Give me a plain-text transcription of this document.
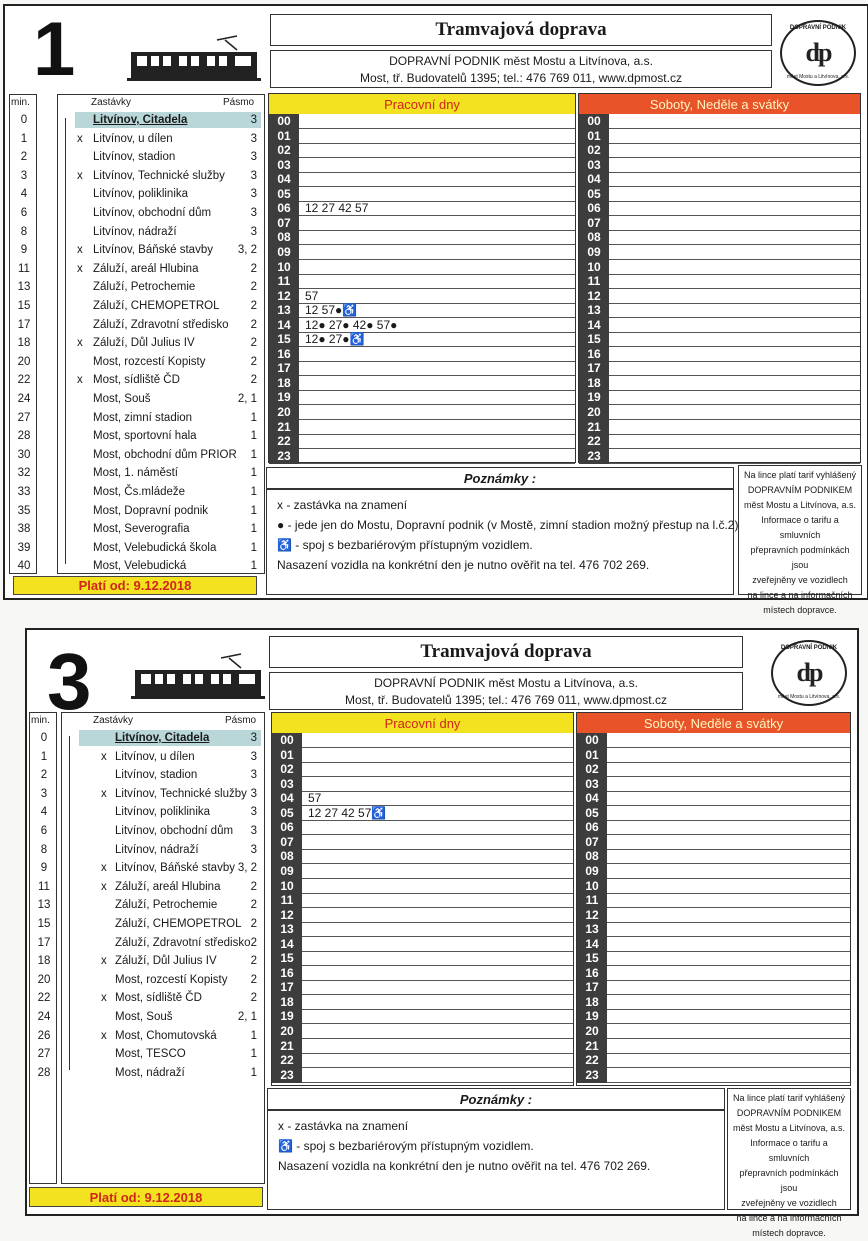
1	Tramvajová doprava
DOPRAVNÍ PODNIK měst Mostu a Litvínova, a.s.
Most, tř. Budovatelů 1395; tel.: 476 769 011, www.dpmost.cz
DOPRAVNÍ PODNIK
dp
měst Mostu a Litvínova, a.s.
min.	Zastávky	Pásmo
0	Litvínov, Citadela	3
1	x Litvínov, u dílen	3
2	Litvínov, stadion	3
3	x Litvínov, Technické služby	3
4	Litvínov, poliklinika	3
6	Litvínov, obchodní dům	3
8	Litvínov, nádraží	3
9	x Litvínov, Báňské stavby	3, 2
11	x Záluží, areál Hlubina	2
13	Záluží, Petrochemie	2
15	Záluží, CHEMOPETROL	2
17	Záluží, Zdravotní středisko	2
18	x Záluží, Důl Julius IV	2
20	Most, rozcestí Kopisty	2
22	x Most, sídliště ČD	2
24	Most, Souš	2, 1
27	Most, zimní stadion	1
28	Most, sportovní hala	1
30	Most, obchodní dům PRIOR	1
32	Most, 1. náměstí	1
33	Most, Čs.mládeže	1
35	Most, Dopravní podnik	1
38	Most, Severografia	1
39	Most, Velebudická škola	1
40	Most, Velebudická	1
Platí od: 9.12.2018
Pracovní dny
00
01
02
03
04
05
06	12 27 42 57
07
08
09
10
11
12	57
13	12 57●♿
14	12● 27● 42● 57●
15	12● 27●♿
16
17
18
19
20
21
22
23
Soboty, Neděle a svátky
00
01
02
03
04
05
06
07
08
09
10
11
12
13
14
15
16
17
18
19
20
21
22
23
Poznámky :
x - zastávka na znamení
● - jede jen do Mostu, Dopravní podnik (v Mostě, zimní stadion možný přestup na l.č.2)
♿ - spoj s bezbariérovým přístupným vozidlem.
Nasazení vozidla na konkrétní den je nutno ověřit na tel. 476 702 269.
Na lince platí tarif vyhlášený
DOPRAVNÍM PODNIKEM
měst Mostu a Litvínova, a.s.
Informace o tarifu a smluvních
přepravních podmínkách jsou
zveřejněny ve vozidlech
na lince a na informačních
místech dopravce.
3	Tramvajová doprava
DOPRAVNÍ PODNIK měst Mostu a Litvínova, a.s.
Most, tř. Budovatelů 1395; tel.: 476 769 011, www.dpmost.cz
DOPRAVNÍ PODNIK
dp
měst Mostu a Litvínova, a.s.
min.	Zastávky	Pásmo
0	Litvínov, Citadela	3
1	x Litvínov, u dílen	3
2	Litvínov, stadion	3
3	x Litvínov, Technické služby 3
4	Litvínov, poliklinika	3
6	Litvínov, obchodní dům	3
8	Litvínov, nádraží	3
9	x Litvínov, Báňské stavby 3, 2
11	x Záluží, areál Hlubina	2
13	Záluží, Petrochemie	2
15	Záluží, CHEMOPETROL 2
17	Záluží, Zdravotní středisko 2
18	x Záluží, Důl Julius IV	2
20	Most, rozcestí Kopisty	2
22	x Most, sídliště ČD	2
24	Most, Souš	2, 1
26	x Most, Chomutovská	1
27	Most, TESCO	1
28	Most, nádraží	1
Platí od: 9.12.2018
Pracovní dny
00
01
02
03
04	57
05	12 27 42 57♿
06
07
08
09
10
11
12
13
14
15
16
17
18
19
20
21
22
23
Soboty, Neděle a svátky
00
01
02
03
04
05
06
07
08
09
10
11
12
13
14
15
16
17
18
19
20
21
22
23
Poznámky :
x - zastávka na znamení
♿ - spoj s bezbariérovým přístupným vozidlem.
Nasazení vozidla na konkrétní den je nutno ověřit na tel. 476 702 269.
Na lince platí tarif vyhlášený
DOPRAVNÍM PODNIKEM
měst Mostu a Litvínova, a.s.
Informace o tarifu a smluvních
přepravních podmínkách jsou
zveřejněny ve vozidlech
na lince a na informačních
místech dopravce.
